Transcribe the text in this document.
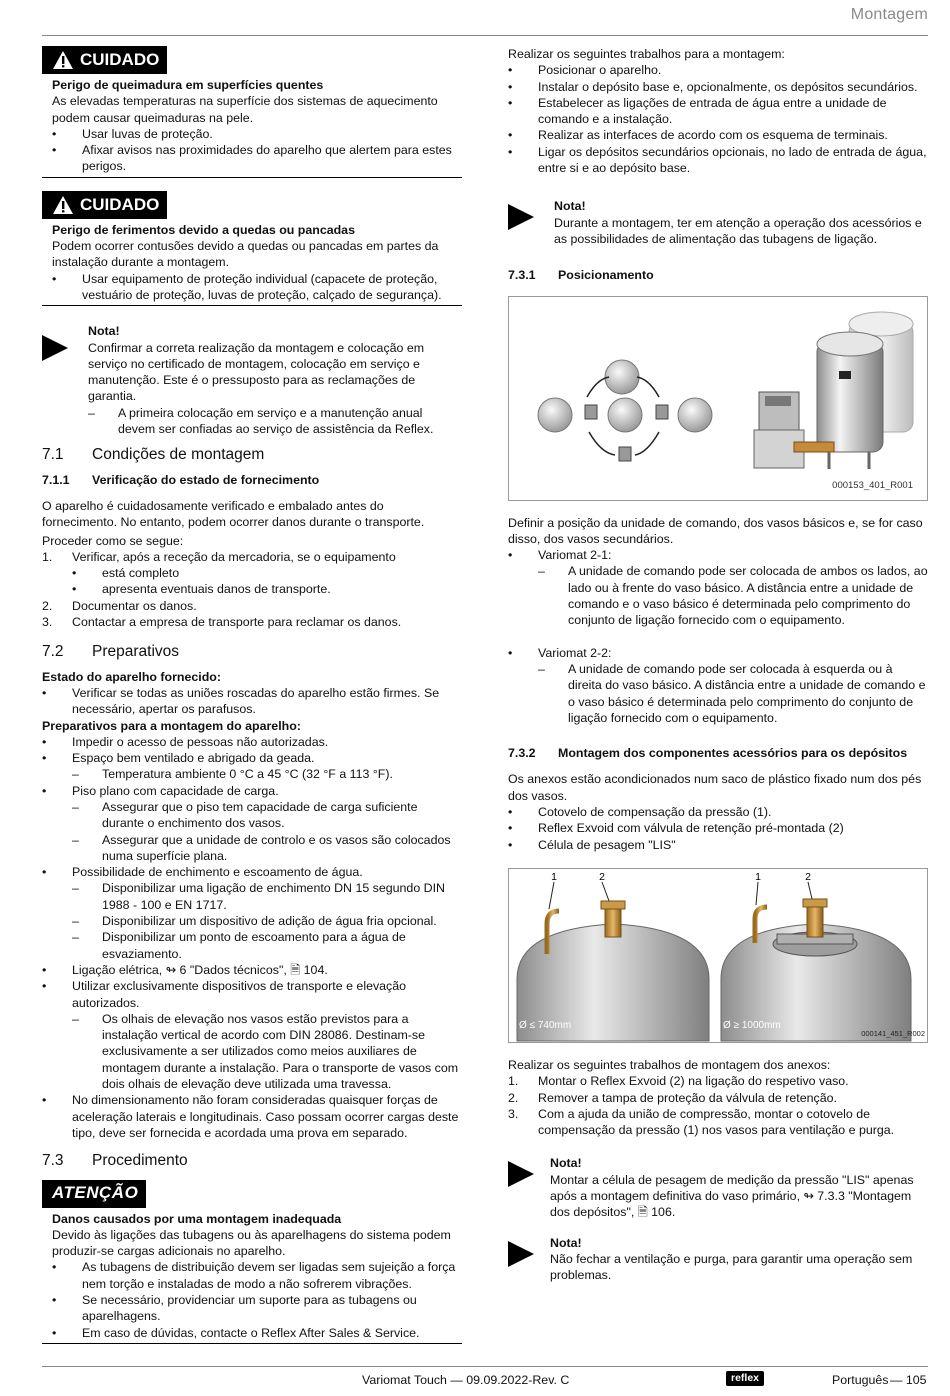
Montagem
CUIDADO

Perigo de queimadura em superfícies quentes

As elevadas temperaturas na superfície dos sistemas de aquecimento podem causar queimaduras na pele.

• Usar luvas de proteção.
• Afixar avisos nas proximidades do aparelho que alertem para estes perigos.
CUIDADO

Perigo de ferimentos devido a quedas ou pancadas

Podem ocorrer contusões devido a quedas ou pancadas em partes da instalação durante a montagem.

• Usar equipamento de proteção individual (capacete de proteção, vestuário de proteção, luvas de proteção, calçado de segurança).

Nota!

Confirmar a correta realização da montagem e colocação em serviço no certificado de montagem, colocação em serviço e manutenção. Este é o pressuposto para as reclamações de garantia.

– A primeira colocação em serviço e a manutenção anual devem ser confiadas ao serviço de assistência da Reflex.
7.1 Condições de montagem
7.1.1 Verificação do estado de fornecimento

O aparelho é cuidadosamente verificado e embalado antes do fornecimento. No entanto, podem ocorrer danos durante o transporte.

Proceder como se segue:

1. Verificar, após a receção da mercadoria, se o equipamento
• está completo
• apresenta eventuais danos de transporte.
2. Documentar os danos.
3. Contactar a empresa de transporte para reclamar os danos.
7.2 Preparativos

Estado do aparelho fornecido:

• Verificar se todas as uniões roscadas do aparelho estão firmes. Se necessário, apertar os parafusos.

Preparativos para a montagem do aparelho:

• Impedir o acesso de pessoas não autorizadas.
• Espaço bem ventilado e abrigado da geada.
– Temperatura ambiente 0 °C a 45 °C (32 °F a 113 °F).
• Piso plano com capacidade de carga.
– Assegurar que o piso tem capacidade de carga suficiente durante o enchimento dos vasos.
– Assegurar que a unidade de controlo e os vasos são colocados numa superfície plana.
• Possibilidade de enchimento e escoamento de água.
– Disponibilizar uma ligação de enchimento DN 15 segundo DIN 1988 - 100 e EN 1717.
– Disponibilizar um dispositivo de adição de água fria opcional.
– Disponibilizar um ponto de escoamento para a água de esvaziamento.
• Ligação elétrica, ↬ 6 "Dados técnicos", 🗎 104.
• Utilizar exclusivamente dispositivos de transporte e elevação autorizados.
– Os olhais de elevação nos vasos estão previstos para a instalação vertical de acordo com DIN 28086. Destinam-se exclusivamente a ser utilizados como meios auxiliares de montagem durante a instalação. Para o transporte de vasos com dois olhais de elevação deve utilizada uma travessa.
• No dimensionamento não foram consideradas quaisquer forças de aceleração laterais e longitudinais. Caso possam ocorrer cargas deste tipo, deve ser fornecida e acordada uma prova em separado.
7.3 Procedimento
ATENÇÃO

Danos causados por uma montagem inadequada

Devido às ligações das tubagens ou às aparelhagens do sistema podem produzir-se cargas adicionais no aparelho.

• As tubagens de distribuição devem ser ligadas sem sujeição a força nem torção e instaladas de modo a não sofrerem vibrações.
• Se necessário, providenciar um suporte para as tubagens ou aparelhagens.
• Em caso de dúvidas, contacte o Reflex After Sales & Service.

Realizar os seguintes trabalhos para a montagem:

• Posicionar o aparelho.
• Instalar o depósito base e, opcionalmente, os depósitos secundários.
• Estabelecer as ligações de entrada de água entre a unidade de comando e a instalação.
• Realizar as interfaces de acordo com os esquema de terminais.
• Ligar os depósitos secundários opcionais, no lado de entrada de água, entre si e ao depósito base.

Nota!

Durante a montagem, ter em atenção a operação dos acessórios e as possibilidades de alimentação das tubagens de ligação.

7.3.1 Posicionamento
000153_401_R001

Definir a posição da unidade de comando, dos vasos básicos e, se for caso disso, dos vasos secundários.

• Variomat 2-1:
– A unidade de comando pode ser colocada de ambos os lados, ao lado ou à frente do vaso básico. A distância entre a unidade de comando e o vaso básico é determinada pelo comprimento do conjunto de ligação fornecido com o equipamento.
• Variomat 2-2:
– A unidade de comando pode ser colocada à esquerda ou à direita do vaso básico. A distância entre a unidade de comando e o vaso básico é determinada pelo comprimento do conjunto de ligação fornecido com o equipamento.
7.3.2 Montagem dos componentes acessórios para os depósitos

Os anexos estão acondicionados num saco de plástico fixado num dos pés dos vasos.

• Cotovelo de compensação da pressão (1).
• Reflex Exvoid com válvula de retenção pré-montada (2)
• Célula de pesagem "LIS"
1	2	1	2
Ø ≤ 740mm	Ø ≥ 1000mm
000141_451_R002

Realizar os seguintes trabalhos de montagem dos anexos:

1. Montar o Reflex Exvoid (2) na ligação do respetivo vaso.
2. Remover a tampa de proteção da válvula de retenção.
3. Com a ajuda da união de compressão, montar o cotovelo de compensação da pressão (1) nos vasos para ventilação e purga.

Nota!

Montar a célula de pesagem de medição da pressão "LIS" apenas após a montagem definitiva do vaso primário, ↬ 7.3.3 "Montagem dos depósitos", 🗎 106.

Nota!

Não fechar a ventilação e purga, para garantir uma operação sem problemas.

Variomat Touch — 09.09.2022-Rev. C	reflex	Português — 105
